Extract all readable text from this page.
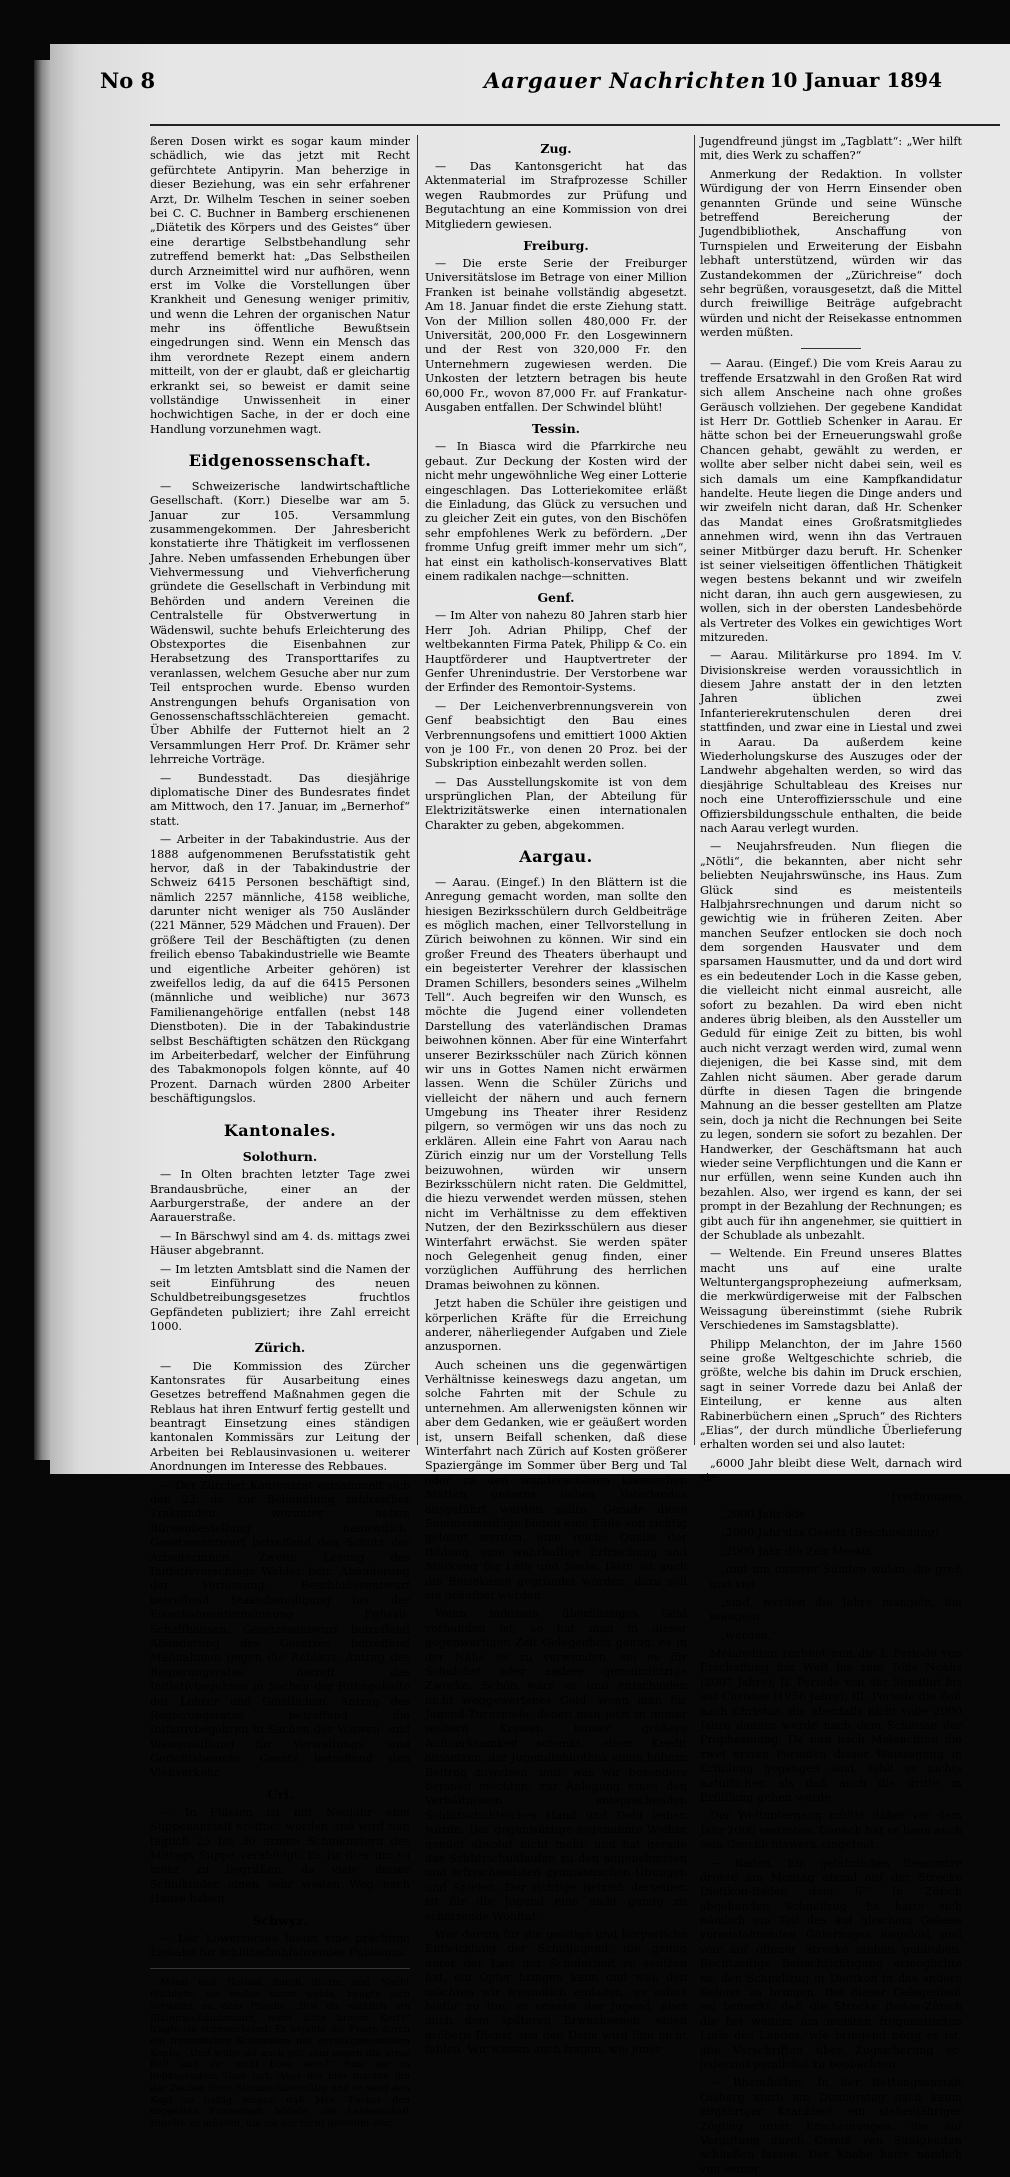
No 8	Aargauer Nachrichten 10 Januar 1894

ßeren Dosen wirkt es sogar kaum minder schädlich, wie das jetzt mit Recht gefürchtete Antipyrin. Man beherzige in dieser Beziehung, was ein sehr erfahrener Arzt, Dr. Wilhelm Teschen in seiner soeben bei C. C. Buchner in Bamberg erschienenen „Diätetik des Körpers und des Geistes“ über eine derartige Selbstbehandlung sehr zutreffend bemerkt hat: „Das Selbstheilen durch Arzneimittel wird nur aufhören, wenn erst im Volke die Vorstellungen über Krankheit und Genesung weniger primitiv, und wenn die Lehren der organischen Natur mehr ins öffentliche Bewußtsein eingedrungen sind. Wenn ein Mensch das ihm verordnete Rezept einem andern mitteilt, von der er glaubt, daß er gleichartig erkrankt sei, so beweist er damit seine vollständige Unwissenheit in einer hochwichtigen Sache, in der er doch eine Handlung vorzunehmen wagt.

Eidgenossenschaft.

— Schweizerische landwirtschaftliche Gesellschaft. (Korr.) Dieselbe war am 5. Januar zur 105. Versammlung zusammengekommen. Der Jahresbericht konstatierte ihre Thätigkeit im verflossenen Jahre. Neben umfassenden Erhebungen über Viehvermessung und Viehverficherung gründete die Gesellschaft in Verbindung mit Behörden und andern Vereinen die Centralstelle für Obstverwertung in Wädenswil, suchte behufs Erleichterung des Obstexportes die Eisenbahnen zur Herabsetzung des Transporttarifes zu veranlassen, welchem Gesuche aber nur zum Teil entsprochen wurde. Ebenso wurden Anstrengungen behufs Organisation von Genossenschaftsschlächtereien gemacht. Über Abhilfe der Futternot hielt an 2 Versammlungen Herr Prof. Dr. Krämer sehr lehrreiche Vorträge.

— Bundesstadt. Das diesjährige diplomatische Diner des Bundesrates findet am Mittwoch, den 17. Januar, im „Bernerhof“ statt.

— Arbeiter in der Tabakindustrie. Aus der 1888 aufgenommenen Berufsstatistik geht hervor, daß in der Tabakindustrie der Schweiz 6415 Personen beschäftigt sind, nämlich 2257 männliche, 4158 weibliche, darunter nicht weniger als 750 Ausländer (221 Männer, 529 Mädchen und Frauen). Der größere Teil der Beschäftigten (zu denen freilich ebenso Tabakindustrielle wie Beamte und eigentliche Arbeiter gehören) ist zweifellos ledig, da auf die 6415 Personen (männliche und weibliche) nur 3673 Familienangehörige entfallen (nebst 148 Dienstboten). Die in der Tabakindustrie selbst Beschäftigten schätzen den Rückgang im Arbeiterbedarf, welcher der Einführung des Tabakmonopols folgen könnte, auf 40 Prozent. Darnach würden 2800 Arbeiter beschäftigungslos.

Kantonales.
Solothurn.

— In Olten brachten letzter Tage zwei Brandausbrüche, einer an der Aarburgerstraße, der andere an der Aarauerstraße.

— In Bärschwyl sind am 4. ds. mittags zwei Häuser abgebrannt.

— Im letzten Amtsblatt sind die Namen der seit Einführung des neuen Schuldbetreibungsgesetzes fruchtlos Gepfändeten publiziert; ihre Zahl erreicht 1000.

Zürich.

— Die Kommission des Zürcher Kantonsrates für Ausarbeitung eines Gesetzes betreffend Maßnahmen gegen die Reblaus hat ihren Entwurf fertig gestellt und beantragt Einsetzung eines ständigen kantonalen Kommissärs zur Leitung der Arbeiten bei Reblausinvasionen u. weiterer Anordnungen im Interesse des Rebbaues.

— Der Zürcher Kantonsrat versammelt sich den 22. ds. zur Behandlung zahlreicher Traktanden, worunter neben Büreaubestellung namentlich: Gesetzesentwurf betreffend den Schutz der Arbeiterinnen. Zweite Lesung des Initiativvorschlags Walder betr. Abänderung der Verfassung. Beschlußesentwurf betreffend Staatsbeteiligung bei der Eisenbahnunternehmung Eglisau-Schaffhausen. Gesetzesentwurf betreffend Abänderung des Gesetzes betreffend Maßnahmen gegen die Reblaus. Antrag des Regierungsrates betreff. das Initiativbegehren in Sachen der Ruhegehalte der Lehrer und Geistlichen. Antrag des Regierungsrates betreffend die Initiativbegehren in Sachen der Witwen- und Waisenstiftung für Verwaltungs- und Gerichtsbeamte. Gesetz betreffend den Viehverkehr.

Uri.

— In Flüelen ist mit Neujahr eine Suppenanstalt eröffnet worden und wird nun täglich 25 bis 30 armen Schulkindern des Mittags Suppe verabfolgt. Es ist dies um so mehr zu begrüßen, da viele dieser Schulkinder einen sehr weiten Weg nach Hause haben.

Schwyz.

— Der Lowerzersee bietet eine prächtige Eisbahn für schlittschuhfahrendes Publikum.

Mann und Heimat durch Sturm und Nacht flüchtete, sie wußte kaum wohin, beugte sich vorwärts zu dem Pferde. „Bist du wirklich ein Blaugrau-Landsmann, mein alter braver Kerl?“ fragte sie schmeichelnd. Er bejahte die Frage durch ein freundliches Schnauben mit zurückgewendeten Kopfe. „Und willst du auch gut sein gegen die arme Bell und ihr nicht böse sein?“ fuhr sie in liebkosendem Tone fort. Aber die hier machte ihn der Zauber ihrer Stimme übermütig und er warf den Kopf so heftig empor, daß Mrs. Tucker den doppelten Frauenhalt bildete, die Leidenschaft zügelte zu müssen, die sie gar nicht gewohnt war.

Zug.

— Das Kantonsgericht hat das Aktenmaterial im Strafprozesse Schiller wegen Raubmordes zur Prüfung und Begutachtung an eine Kommission von drei Mitgliedern gewiesen.

Freiburg.

— Die erste Serie der Freiburger Universitätslose im Betrage von einer Million Franken ist beinahe vollständig abgesetzt. Am 18. Januar findet die erste Ziehung statt. Von der Million sollen 480,000 Fr. der Universität, 200,000 Fr. den Losgewinnern und der Rest von 320,000 Fr. den Unternehmern zugewiesen werden. Die Unkosten der letztern betragen bis heute 60,000 Fr., wovon 87,000 Fr. auf Frankatur-Ausgaben entfallen. Der Schwindel blüht!

Tessin.

— In Biasca wird die Pfarrkirche neu gebaut. Zur Deckung der Kosten wird der nicht mehr ungewöhnliche Weg einer Lotterie eingeschlagen. Das Lotteriekomitee erläßt die Einladung, das Glück zu versuchen und zu gleicher Zeit ein gutes, von den Bischöfen sehr empfohlenes Werk zu befördern. „Der fromme Unfug greift immer mehr um sich“, hat einst ein katholisch-konservatives Blatt einem radikalen nachge—schnitten.

Genf.

— Im Alter von nahezu 80 Jahren starb hier Herr Joh. Adrian Philipp, Chef der weltbekannten Firma Patek, Philipp & Co. ein Hauptförderer und Hauptvertreter der Genfer Uhrenindustrie. Der Verstorbene war der Erfinder des Remontoir-Systems.

— Der Leichenverbrennungsverein von Genf beabsichtigt den Bau eines Verbrennungsofens und emittiert 1000 Aktien von je 100 Fr., von denen 20 Proz. bei der Subskription einbezahlt werden sollen.

— Das Ausstellungskomite ist von dem ursprünglichen Plan, der Abteilung für Elektrizitätswerke einen internationalen Charakter zu geben, abgekommen.

Aargau.

— Aarau. (Eingef.) In den Blättern ist die Anregung gemacht worden, man sollte den hiesigen Bezirksschülern durch Geldbeiträge es möglich machen, einer Tellvorstellung in Zürich beiwohnen zu können. Wir sind ein großer Freund des Theaters überhaupt und ein begeisterter Verehrer der klassischen Dramen Schillers, besonders seines „Wilhelm Tell“. Auch begreifen wir den Wunsch, es möchte die Jugend einer vollendeten Darstellung des vaterländischen Dramas beiwohnen können. Aber für eine Winterfahrt unserer Bezirksschüler nach Zürich können wir uns in Gottes Namen nicht erwärmen lassen. Wenn die Schüler Zürichs und vielleicht der nähern und auch fernern Umgebung ins Theater ihrer Residenz pilgern, so vermögen wir uns das noch zu erklären. Allein eine Fahrt von Aarau nach Zürich einzig nur um der Vorstellung Tells beizuwohnen, würden wir unsern Bezirksschülern nicht raten. Die Geldmittel, die hiezu verwendet werden müssen, stehen nicht im Verhältnisse zu dem effektiven Nutzen, der den Bezirksschülern aus dieser Winterfahrt erwächst. Sie werden später noch Gelegenheit genug finden, einer vorzüglichen Aufführung des herrlichen Dramas beiwohnen zu können.

Jetzt haben die Schüler ihre geistigen und körperlichen Kräfte für die Erreichung anderer, näherliegender Aufgaben und Ziele anzuspornen.

Auch scheinen uns die gegenwärtigen Verhältnisse keineswegs dazu angetan, um solche Fahrten mit der Schule zu unternehmen. Am allerwenigsten können wir aber dem Gedanken, wie er geäußert worden ist, unsern Beifall schenken, daß diese Winterfahrt nach Zürich auf Kosten größerer Spaziergänge im Sommer über Berg und Tal oder zu den wunderschönen klassischen Stätten unseres lieben Vaterlandes ausgeführt werden sollte. Gerade diese Sommerausflüge bieten eine Fülle von richtig geleitet werden, eine reiche Quelle der Bildung, eine wahrhaftige Erfrischung und Stärkung für Leib und Seele. Dazu ist auch die Reisekasse gegründet worden, dazu soll sie geäufnet werden.

Wenn indessen überflüssiges Geld vorhanden ist, so hat man in dieser gegenwärtigen Zeit Gelegenheit genug, es in der Nähe es zu verwenden, sei es für Schulobst oder andere gemeinnützige Zwecke. Schön wäre es und entschieden nicht weggeworfenes Geld, wenn man für Jugend-Turnspiele, denen man jetzt in immer weitern Kreisen immer größere Aufmerksamkeit schenkt, einen Kredit aussetzen, der Jugendbibliothek einen höhern Beitrag zuweisen, und, was wir besonders betonen möchten, zur Anlegung eines den Verhältnissen entsprechenden Schlittschuhteiches Hand und Geld leihen würde. Der gegenwärtige sogenannte Weiher genügt absolut nicht mehr, und hat gerade das Schlittschuhlaufen zu den angenehmsten und erfrischendsten gymnastischen Übungen und Spielen. Der richtige Betrieb derselben ist für die Jugend eine nicht genug zu schätzende Wohltat.

Wer darum für die geistige und körperliche Entwicklung der Schuljugend, die genug unter der Last der Schularbeit zu seufzen hat, ein Opfer bringen kann und will, den möchten wir freundlich einladen, es sofort hiefür zu tun; er erweist der Jugend, aber auch dem späteren Erwachsenen, einen größern Dienst und den Dank wird ihm nicht fehlen. Wir wissen auch fragen, wie jener

Jugendfreund jüngst im „Tagblatt“: „Wer hilft mit, dies Werk zu schaffen?“

Anmerkung der Redaktion. In vollster Würdigung der von Herrn Einsender oben genannten Gründe und seine Wünsche betreffend Bereicherung der Jugendbibliothek, Anschaffung von Turnspielen und Erweiterung der Eisbahn lebhaft unterstützend, würden wir das Zustandekommen der „Zürichreise“ doch sehr begrüßen, vorausgesetzt, daß die Mittel durch freiwillige Beiträge aufgebracht würden und nicht der Reisekasse entnommen werden müßten.

— Aarau. (Eingef.) Die vom Kreis Aarau zu treffende Ersatzwahl in den Großen Rat wird sich allem Anscheine nach ohne großes Geräusch vollziehen. Der gegebene Kandidat ist Herr Dr. Gottlieb Schenker in Aarau. Er hätte schon bei der Erneuerungswahl große Chancen gehabt, gewählt zu werden, er wollte aber selber nicht dabei sein, weil es sich damals um eine Kampfkandidatur handelte. Heute liegen die Dinge anders und wir zweifeln nicht daran, daß Hr. Schenker das Mandat eines Großratsmitgliedes annehmen wird, wenn ihn das Vertrauen seiner Mitbürger dazu beruft. Hr. Schenker ist seiner vielseitigen öffentlichen Thätigkeit wegen bestens bekannt und wir zweifeln nicht daran, ihn auch gern ausgewiesen, zu wollen, sich in der obersten Landesbehörde als Vertreter des Volkes ein gewichtiges Wort mitzureden.

— Aarau. Militärkurse pro 1894. Im V. Divisionskreise werden voraussichtlich in diesem Jahre anstatt der in den letzten Jahren üblichen zwei Infanterierekrutenschulen deren drei stattfinden, und zwar eine in Liestal und zwei in Aarau. Da außerdem keine Wiederholungskurse des Auszuges oder der Landwehr abgehalten werden, so wird das diesjährige Schultableau des Kreises nur noch eine Unteroffiziersschule und eine Offiziersbildungsschule enthalten, die beide nach Aarau verlegt wurden.

— Neujahrsfreuden. Nun fliegen die „Nötli“, die bekannten, aber nicht sehr beliebten Neujahrswünsche, ins Haus. Zum Glück sind es meistenteils Halbjahrsrechnungen und darum nicht so gewichtig wie in früheren Zeiten. Aber manchen Seufzer entlocken sie doch noch dem sorgenden Hausvater und dem sparsamen Hausmutter, und da und dort wird es ein bedeutender Loch in die Kasse geben, die vielleicht nicht einmal ausreicht, alle sofort zu bezahlen. Da wird eben nicht anderes übrig bleiben, als den Aussteller um Geduld für einige Zeit zu bitten, bis wohl auch nicht verzagt werden wird, zumal wenn diejenigen, die bei Kasse sind, mit dem Zahlen nicht säumen. Aber gerade darum dürfte in diesen Tagen die bringende Mahnung an die besser gestellten am Platze sein, doch ja nicht die Rechnungen bei Seite zu legen, sondern sie sofort zu bezahlen. Der Handwerker, der Geschäftsmann hat auch wieder seine Verpflichtungen und die Kann er nur erfüllen, wenn seine Kunden auch ihn bezahlen. Also, wer irgend es kann, der sei prompt in der Bezahlung der Rechnungen; es gibt auch für ihn angenehmer, sie quittiert in der Schublade als unbezahlt.

— Weltende. Ein Freund unseres Blattes macht uns auf eine uralte Weltuntergangsprophezeiung aufmerksam, die merkwürdigerweise mit der Falbschen Weissagung übereinstimmt (siehe Rubrik Verschiedenes im Samstagsblatte).

Philipp Melanchton, der im Jahre 1560 seine große Weltgeschichte schrieb, die größte, welche bis dahin im Druck erschien, sagt in seiner Vorrede dazu bei Anlaß der Einteilung, er kenne aus alten Rabinerbüchern einen „Spruch“ des Richters „Elias“, der durch mündliche Überlieferung erhalten worden sei und also lautet:

„6000 Jahr bleibt diese Welt, darnach wird sie

[verbrennen

„2000 Jahr öde

„2000 Jahr das Gesetz (Beschneidung)

„2000 Jahr die Zeit Messiä

„und um unserer Sünden willen, die groß und viel

„sind, werden die Jahre mangeln, die mangeln

„werden.“

Melanchton rechnet nun die I. Periode von Erschaffung der Welt bis zum Tode Noahs (2007 Jahre); II. Periode von der Sündflut bis auf Christus (1956 Jahre); III. Periode die Zeit nach Christus, die ebenfalls nicht volle 2000 Jahre dauern werde nach dem Schlusse der Prophezeiung. Da nun nach Melanchton die zwei ersten Perioden dieser Weissagung in Erfüllung gegangen sind, fehlt er nichts natürlicher, als daß auch die dritte in Erfüllung gehen werde.

Der Weltuntergang müßte daher vor dem Jahr 2000 eintreten. Danach hat er bann auch sein Geschichtswerk eingeteilt.

— Baden. Ein gefährliches Rencontre drohte am Montag abend auf der Strecke Dietikon-Baden dem 6²⁵ in Zürich abgehenden Schnellzug. Es hatte sich nämlich ein Teil des auf gleichem Geleise vorausfahrenden Güterzuges losgelöst und war auf offener Strecke stehen geblieben. Rechtzeitige Benachrichtigung ermöglichte es, den Schnellzug in Dietikon in das andere Geleise zu bringen. Bei dieser Gelegenheit sei bemerkt, daß die Strecke Baden-Zürich die bei weitem am meisten frequentierten Linie des Landes, wie bringend nötig es ist, alle Vorschriften über Zugsicherung sc. jederzeit peinlichst zu beobachten.

— Rheinfelden. In der Rettungsanstalt Olsberg starb am Donnerstag nach kaum einjähriger Krankheit ein siebenjähriger Zögling unter Erscheinungen, die auf Vergiftung durch Genuß von Süßigkeiten schließen lassen. Der Knabe hatte nämlich von seiner
